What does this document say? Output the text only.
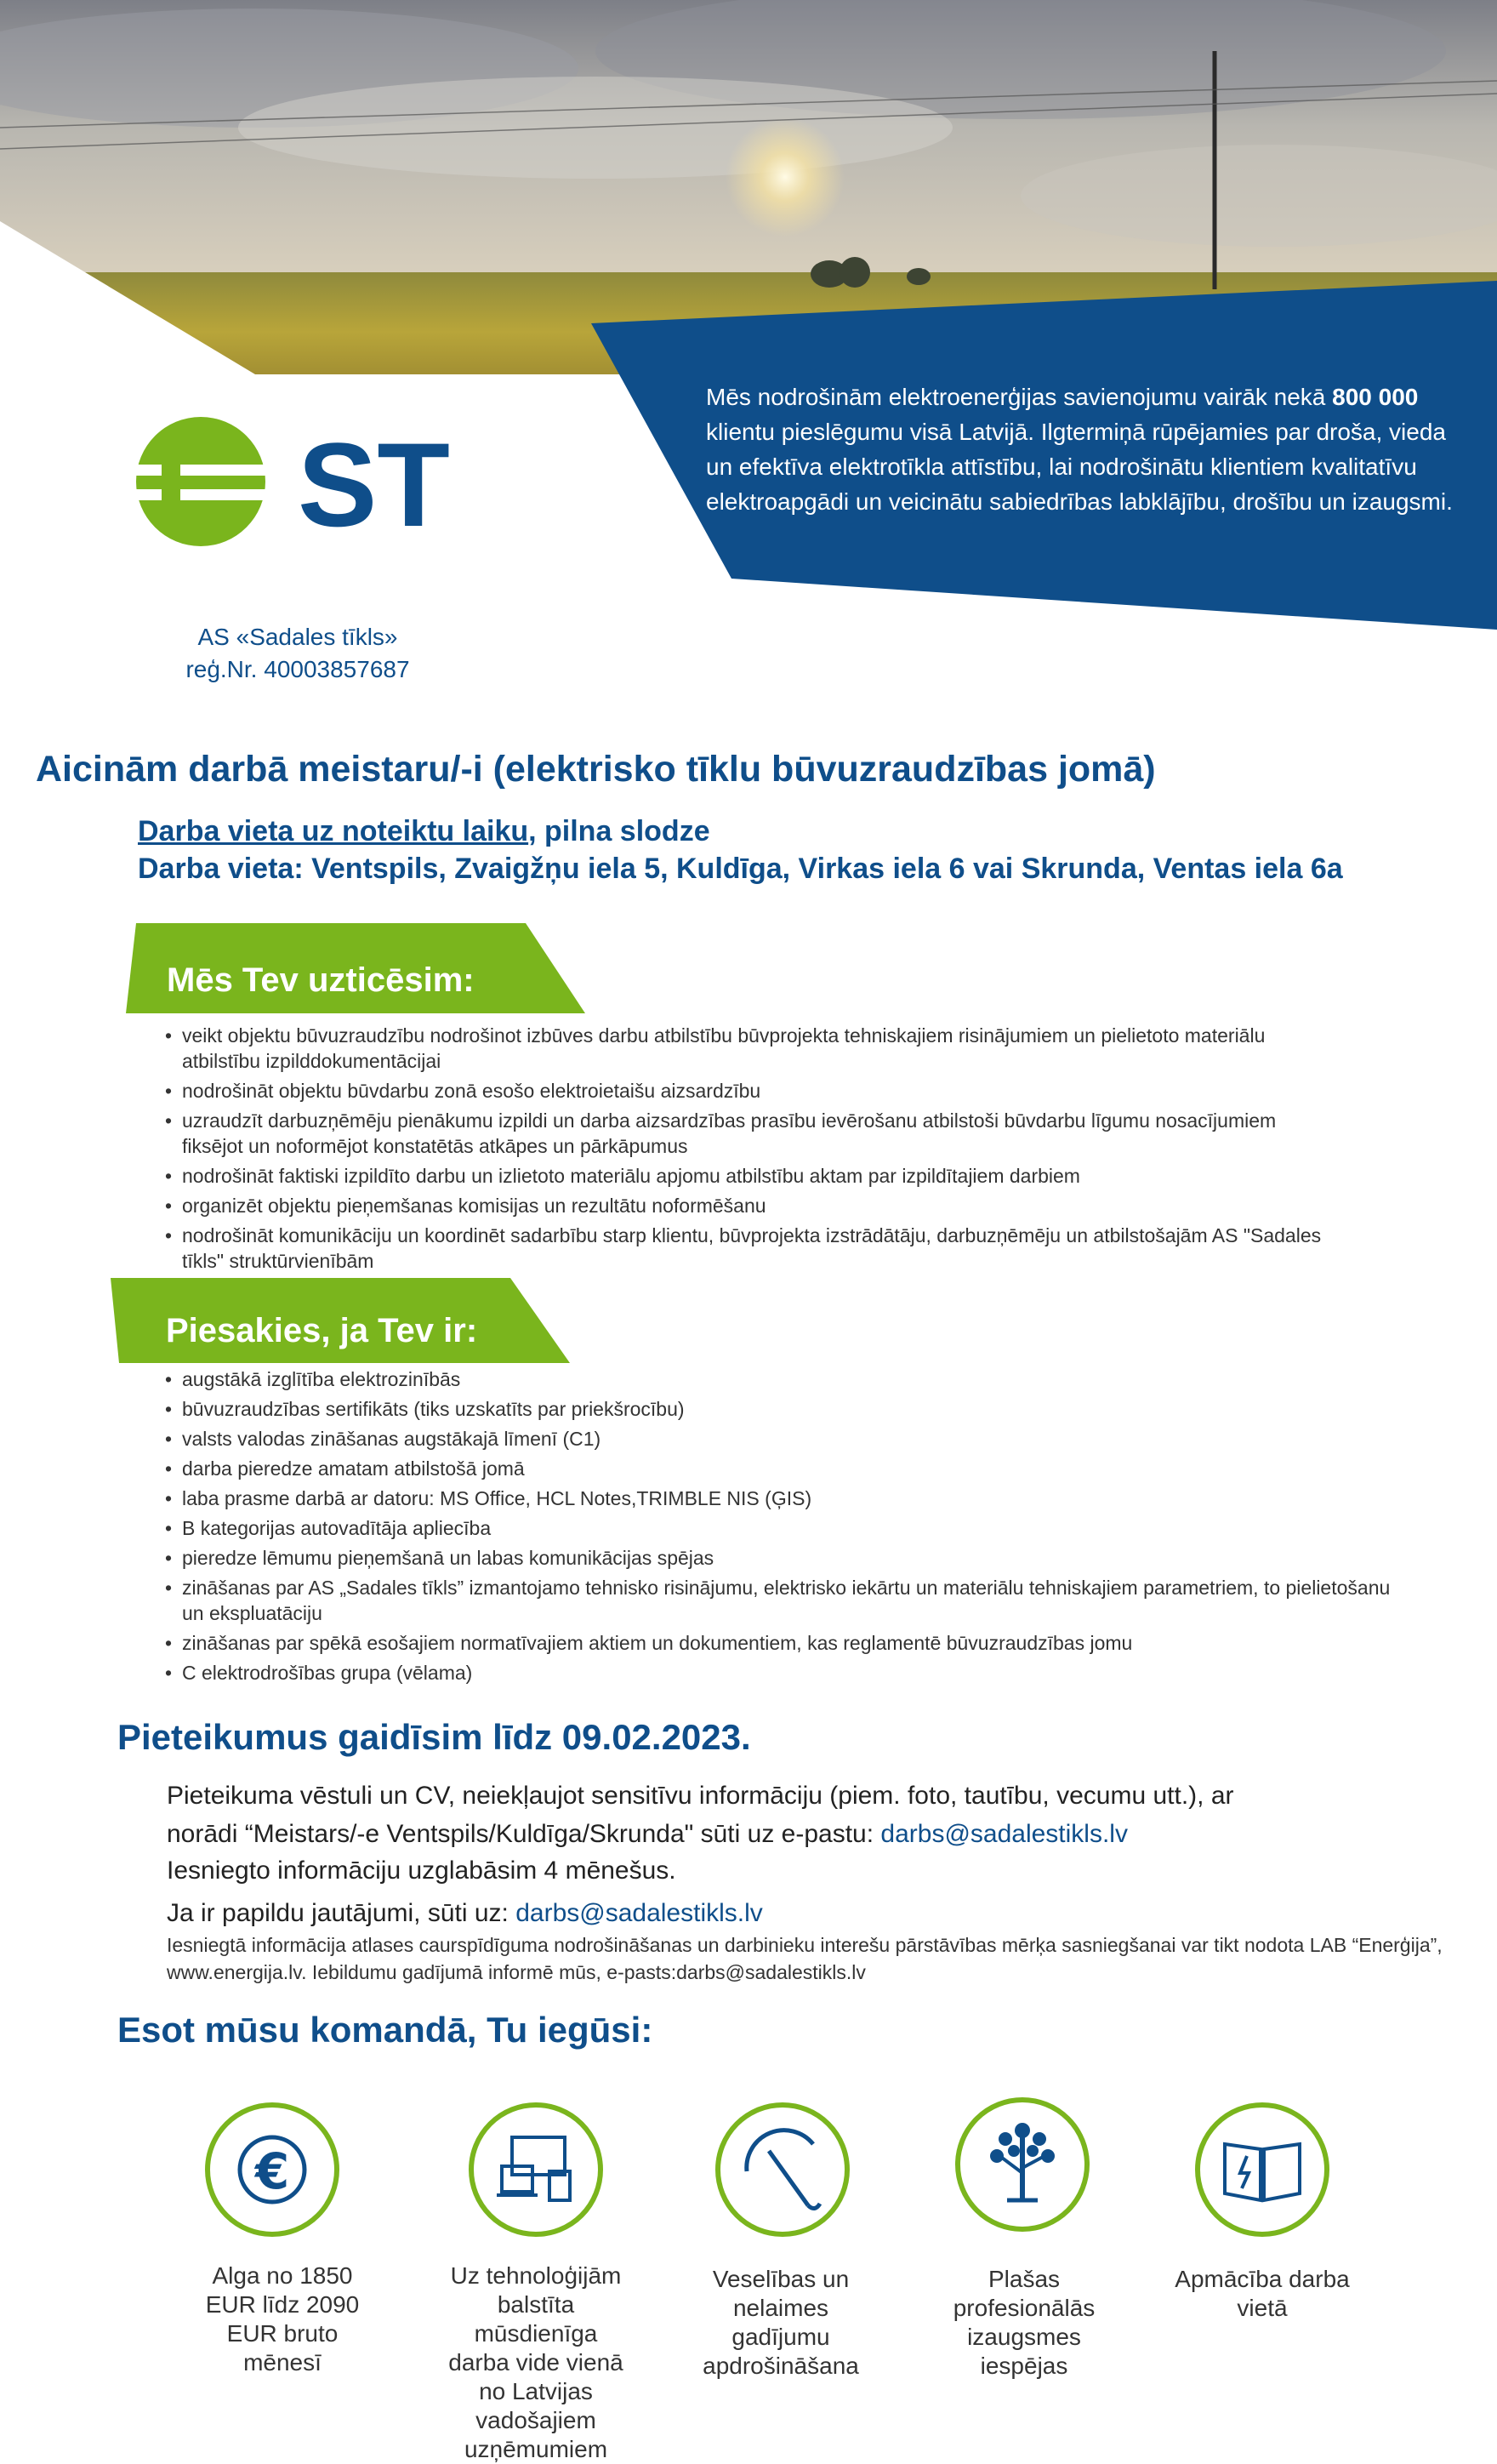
Mēs nodrošinām elektroenerģijas savienojumu vairāk nekā 800 000 klientu pieslēgumu visā Latvijā. Ilgtermiņā rūpējamies par droša, vieda un efektīva elektrotīkla attīstību, lai nodrošinātu klientiem kvalitatīvu elektroapgādi un veicinātu sabiedrības labklājību, drošību un izaugsmi.
ST
AS «Sadales tīkls»
reģ.Nr. 40003857687
Aicinām darbā meistaru/-i (elektrisko tīklu būvuzraudzības jomā)
Darba vieta uz noteiktu laiku, pilna slodze
Darba vieta: Ventspils, Zvaigžņu iela 5, Kuldīga, Virkas iela 6 vai Skrunda, Ventas iela 6a
Mēs Tev uzticēsim:
• veikt objektu būvuzraudzību nodrošinot izbūves darbu atbilstību būvprojekta tehniskajiem risinājumiem un pielietoto materiālu atbilstību izpilddokumentācijai
• nodrošināt objektu būvdarbu zonā esošo elektroietaišu aizsardzību
• uzraudzīt darbuzņēmēju pienākumu izpildi un darba aizsardzības prasību ievērošanu atbilstoši būvdarbu līgumu nosacījumiem fiksējot un noformējot konstatētās atkāpes un pārkāpumus
• nodrošināt faktiski izpildīto darbu un izlietoto materiālu apjomu atbilstību aktam par izpildītajiem darbiem
• organizēt objektu pieņemšanas komisijas un rezultātu noformēšanu
• nodrošināt komunikāciju un koordinēt sadarbību starp klientu, būvprojekta izstrādātāju, darbuzņēmēju un atbilstošajām AS "Sadales tīkls" struktūrvienībām
Piesakies, ja Tev ir:
• augstākā izglītība elektrozinībās
• būvuzraudzības sertifikāts (tiks uzskatīts par priekšrocību)
• valsts valodas zināšanas augstākajā līmenī (C1)
• darba pieredze amatam atbilstošā jomā
• laba prasme darbā ar datoru: MS Office, HCL Notes,TRIMBLE NIS (ĢIS)
• B kategorijas autovadītāja apliecība
• pieredze lēmumu pieņemšanā un labas komunikācijas spējas
• zināšanas par AS „Sadales tīkls” izmantojamo tehnisko risinājumu, elektrisko iekārtu un materiālu tehniskajiem parametriem, to pielietošanu un ekspluatāciju
• zināšanas par spēkā esošajiem normatīvajiem aktiem un dokumentiem, kas reglamentē būvuzraudzības jomu
• C elektrodrošības grupa (vēlama)
Pieteikumus gaidīsim līdz 09.02.2023.
Pieteikuma vēstuli un CV, neiekļaujot sensitīvu informāciju (piem. foto, tautību, vecumu utt.), ar
norādi “Meistars/-e Ventspils/Kuldīga/Skrunda" sūti uz e-pastu: darbs@sadalestikls.lv
Iesniegto informāciju uzglabāsim 4 mēnešus.
Ja ir papildu jautājumi, sūti uz: darbs@sadalestikls.lv
Iesniegtā informācija atlases caurspīdīguma nodrošināšanas un darbinieku interešu pārstāvības mērķa sasniegšanai var tikt nodota LAB “Enerģija”, www.energija.lv. Iebildumu gadījumā informē mūs, e-pasts:darbs@sadalestikls.lv
Esot mūsu komandā, Tu iegūsi:
€
Alga no 1850 EUR līdz 2090 EUR bruto mēnesī
Uz tehnoloģijām balstīta mūsdienīga darba vide vienā no Latvijas vadošajiem uzņēmumiem
Veselības un nelaimes gadījumu apdrošināšana
Plašas profesionālās izaugsmes iespējas
Apmācība darba vietā
